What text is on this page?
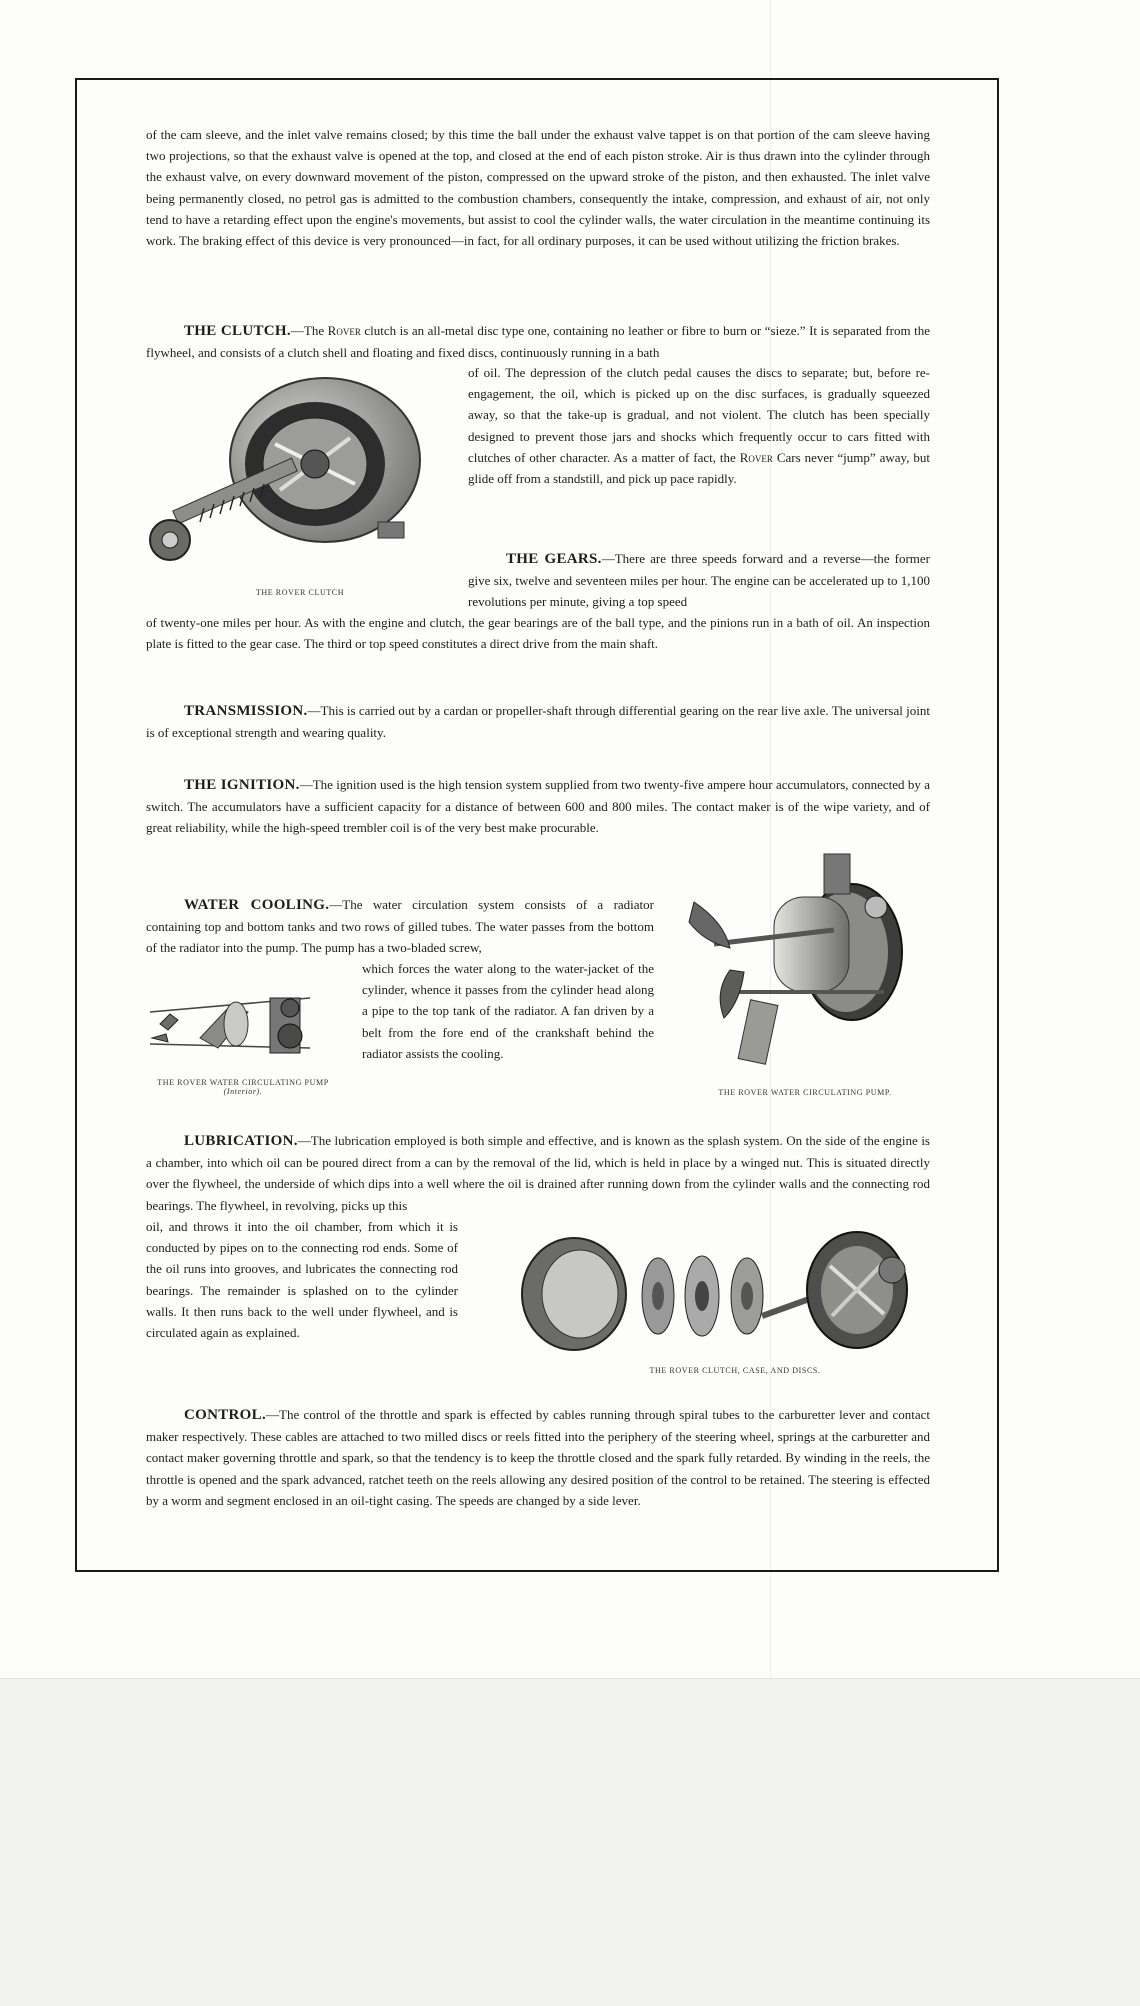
of the cam sleeve, and the inlet valve remains closed; by this time the ball under the exhaust valve tappet is on that portion of the cam sleeve having two projections, so that the exhaust valve is opened at the top, and closed at the end of each piston stroke. Air is thus drawn into the cylinder through the exhaust valve, on every downward movement of the piston, compressed on the upward stroke of the piston, and then exhausted. The inlet valve being permanently closed, no petrol gas is admitted to the combustion chambers, consequently the intake, compression, and exhaust of air, not only tend to have a retarding effect upon the engine's movements, but assist to cool the cylinder walls, the water circulation in the meantime continuing its work. The braking effect of this device is very pronounced—in fact, for all ordinary purposes, it can be used without utilizing the friction brakes.

THE CLUTCH.—The Rover clutch is an all-metal disc type one, containing no leather or fibre to burn or “sieze.” It is separated from the flywheel, and consists of a clutch shell and floating and fixed discs, continuously running in a bath

of oil. The depression of the clutch pedal causes the discs to separate; but, before re-engagement, the oil, which is picked up on the disc surfaces, is gradually squeezed away, so that the take-up is gradual, and not violent. The clutch has been specially designed to prevent those jars and shocks which frequently occur to cars fitted with clutches of other character. As a matter of fact, the Rover Cars never “jump” away, but glide off from a standstill, and pick up pace rapidly.

THE ROVER CLUTCH

THE GEARS.—There are three speeds forward and a reverse—the former give six, twelve and seventeen miles per hour. The engine can be accelerated up to 1,100 revolutions per minute, giving a top speed

of twenty-one miles per hour. As with the engine and clutch, the gear bearings are of the ball type, and the pinions run in a bath of oil. An inspection plate is fitted to the gear case. The third or top speed constitutes a direct drive from the main shaft.

TRANSMISSION.—This is carried out by a cardan or propeller-shaft through differential gearing on the rear live axle. The universal joint is of exceptional strength and wearing quality.

THE IGNITION.—The ignition used is the high tension system supplied from two twenty-five ampere hour accumulators, connected by a switch. The accumulators have a sufficient capacity for a distance of between 600 and 800 miles. The contact maker is of the wipe variety, and of great reliability, while the high-speed trembler coil is of the very best make procurable.

WATER COOLING.—The water circulation system consists of a radiator containing top and bottom tanks and two rows of gilled tubes. The water passes from the bottom of the radiator into the pump. The pump has a two-bladed screw,

which forces the water along to the water-jacket of the cylinder, whence it passes from the cylinder head along a pipe to the top tank of the radiator. A fan driven by a belt from the fore end of the crankshaft behind the radiator assists the cooling.

THE ROVER WATER CIRCULATING PUMP
(Interior).	THE ROVER WATER CIRCULATING PUMP.

LUBRICATION.—The lubrication employed is both simple and effective, and is known as the splash system. On the side of the engine is a chamber, into which oil can be poured direct from a can by the removal of the lid, which is held in place by a winged nut. This is situated directly over the flywheel, the underside of which dips into a well where the oil is drained after running down from the cylinder walls and the connecting rod bearings. The flywheel, in revolving, picks up this

oil, and throws it into the oil chamber, from which it is conducted by pipes on to the connecting rod ends. Some of the oil runs into grooves, and lubricates the connecting rod bearings. The remainder is splashed on to the cylinder walls. It then runs back to the well under flywheel, and is circulated again as explained.

THE ROVER CLUTCH, CASE, AND DISCS.

CONTROL.—The control of the throttle and spark is effected by cables running through spiral tubes to the carburetter lever and contact maker respectively. These cables are attached to two milled discs or reels fitted into the periphery of the steering wheel, springs at the carburetter and contact maker governing throttle and spark, so that the tendency is to keep the throttle closed and the spark fully retarded. By winding in the reels, the throttle is opened and the spark advanced, ratchet teeth on the reels allowing any desired position of the control to be retained. The steering is effected by a worm and segment enclosed in an oil-tight casing. The speeds are changed by a side lever.
